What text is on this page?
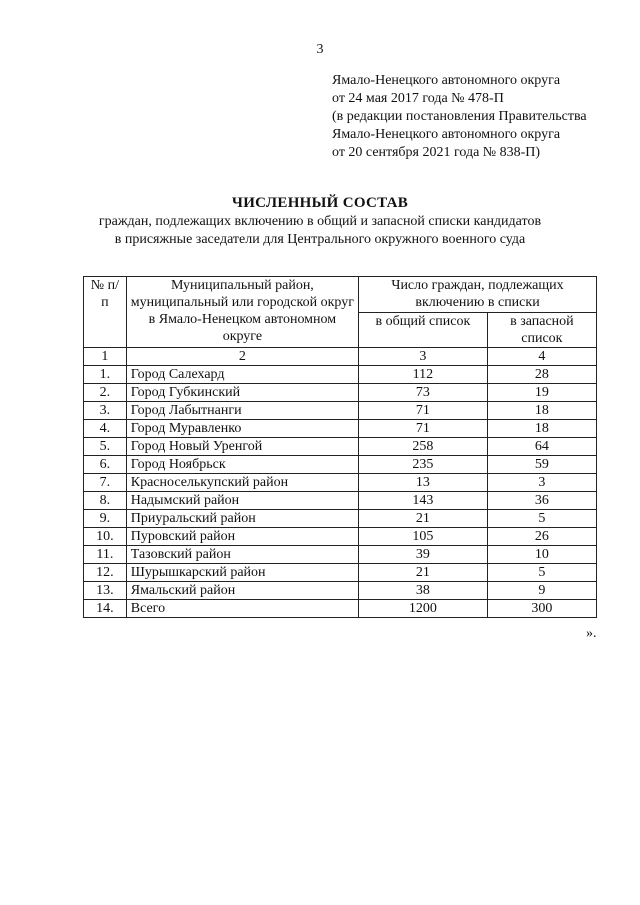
3
Ямало-Ненецкого автономного округа
от 24 мая 2017 года № 478-П
(в редакции постановления Правительства
Ямало-Ненецкого автономного округа
от 20 сентября 2021 года № 838-П)
ЧИСЛЕННЫЙ СОСТАВ
граждан, подлежащих включению в общий и запасной списки кандидатов
в присяжные заседатели для Центрального окружного военного суда
№ п/п	Муниципальный район, муниципальный или городской округ в Ямало-Ненецком автономном округе	Число граждан, подлежащих включению в списки	
		в общий список	в запасной список
1	2	3	4
1.	Город Салехард	112	28
2.	Город Губкинский	73	19
3.	Город Лабытнанги	71	18
4.	Город Муравленко	71	18
5.	Город Новый Уренгой	258	64
6.	Город Ноябрьск	235	59
7.	Красноселькупский район	13	3
8.	Надымский район	143	36
9.	Приуральский район	21	5
10.	Пуровский район	105	26
11.	Тазовский район	39	10
12.	Шурышкарский район	21	5
13.	Ямальский район	38	9
14.	Всего	1200	300
».
